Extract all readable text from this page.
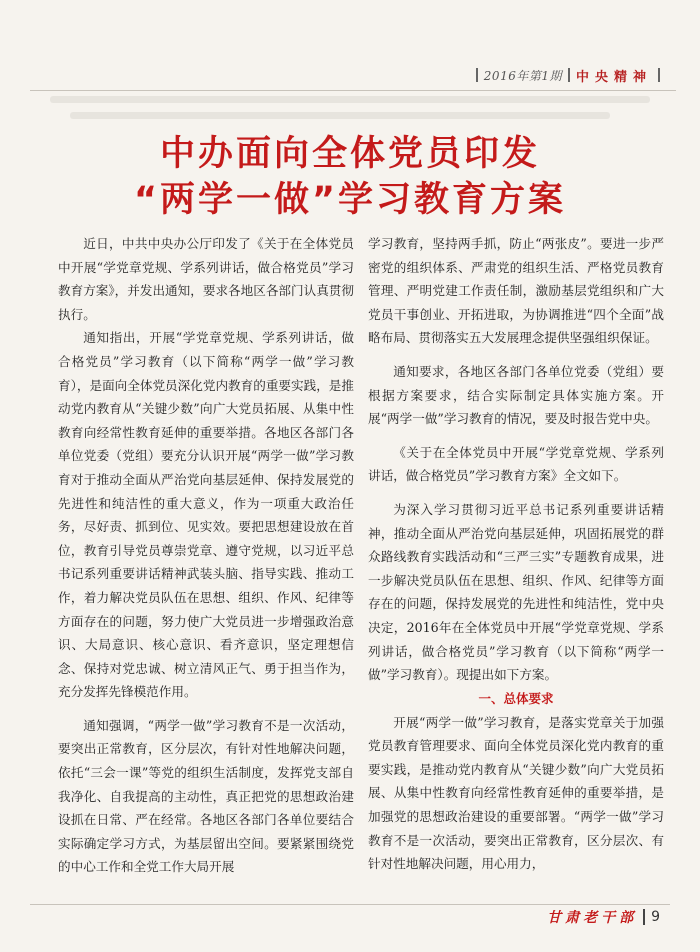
2016年第1期 中央精神
中办面向全体党员印发
“两学一做”学习教育方案

近日，中共中央办公厅印发了《关于在全体党员中开展“学党章党规、学系列讲话，做合格党员”学习教育方案》，并发出通知，要求各地区各部门认真贯彻执行。

通知指出，开展“学党章党规、学系列讲话，做合格党员”学习教育（以下简称“两学一做”学习教育），是面向全体党员深化党内教育的重要实践，是推动党内教育从“关键少数”向广大党员拓展、从集中性教育向经常性教育延伸的重要举措。各地区各部门各单位党委（党组）要充分认识开展“两学一做”学习教育对于推动全面从严治党向基层延伸、保持发展党的先进性和纯洁性的重大意义，作为一项重大政治任务，尽好责、抓到位、见实效。要把思想建设放在首位，教育引导党员尊崇党章、遵守党规，以习近平总书记系列重要讲话精神武装头脑、指导实践、推动工作，着力解决党员队伍在思想、组织、作风、纪律等方面存在的问题，努力使广大党员进一步增强政治意识、大局意识、核心意识、看齐意识，坚定理想信念、保持对党忠诚、树立清风正气、勇于担当作为，充分发挥先锋模范作用。

通知强调，“两学一做”学习教育不是一次活动，要突出正常教育，区分层次，有针对性地解决问题，依托“三会一课”等党的组织生活制度，发挥党支部自我净化、自我提高的主动性，真正把党的思想政治建设抓在日常、严在经常。各地区各部门各单位要结合实际确定学习方式，为基层留出空间。要紧紧围绕党的中心工作和全党工作大局开展

学习教育，坚持两手抓，防止“两张皮”。要进一步严密党的组织体系、严肃党的组织生活、严格党员教育管理、严明党建工作责任制，激励基层党组织和广大党员干事创业、开拓进取，为协调推进“四个全面”战略布局、贯彻落实五大发展理念提供坚强组织保证。

通知要求，各地区各部门各单位党委（党组）要根据方案要求，结合实际制定具体实施方案。开展“两学一做”学习教育的情况，要及时报告党中央。

《关于在全体党员中开展“学党章党规、学系列讲话，做合格党员”学习教育方案》全文如下。

为深入学习贯彻习近平总书记系列重要讲话精神，推动全面从严治党向基层延伸，巩固拓展党的群众路线教育实践活动和“三严三实”专题教育成果，进一步解决党员队伍在思想、组织、作风、纪律等方面存在的问题，保持发展党的先进性和纯洁性，党中央决定，2016年在全体党员中开展“学党章党规、学系列讲话，做合格党员”学习教育（以下简称“两学一做”学习教育）。现提出如下方案。

一、总体要求

开展“两学一做”学习教育，是落实党章关于加强党员教育管理要求、面向全体党员深化党内教育的重要实践，是推动党内教育从“关键少数”向广大党员拓展、从集中性教育向经常性教育延伸的重要举措，是加强党的思想政治建设的重要部署。“两学一做”学习教育不是一次活动，要突出正常教育，区分层次、有针对性地解决问题，用心用力，

甘肃老干部 9
